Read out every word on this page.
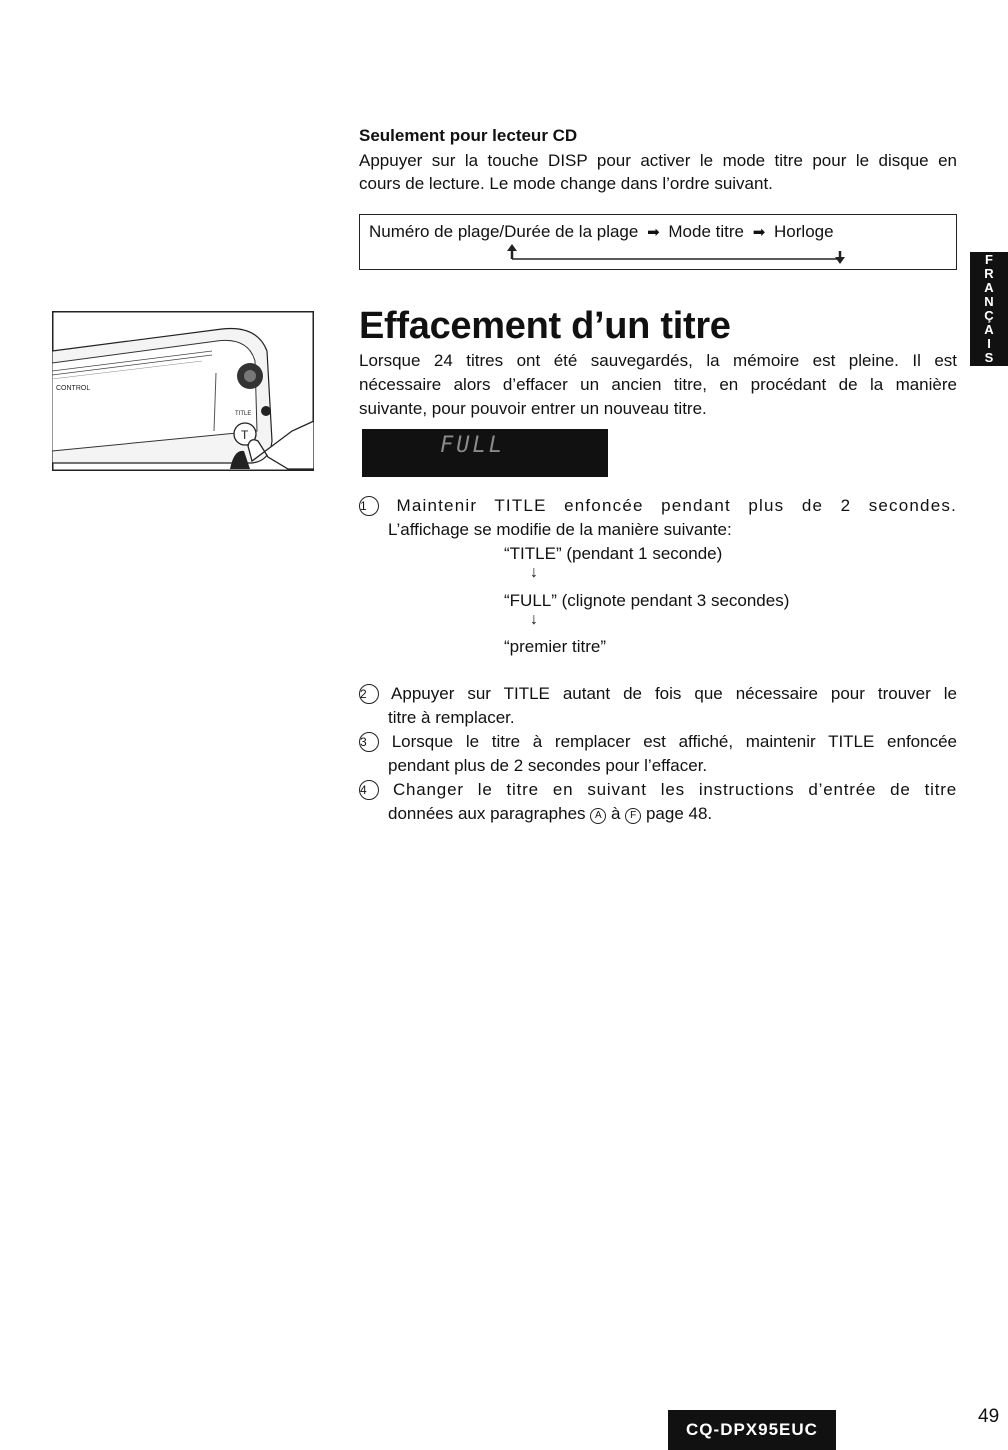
Seulement pour lecteur CD
Appuyer sur la touche DISP pour activer le mode titre pour le disque en
cours de lecture. Le mode change dans l’ordre suivant.
Numéro de plage/Durée de la plage ➡ Mode titre ➡ Horloge
F
R
A
N
Ç
A
I
S
Effacement d’un titre
Lorsque 24 titres ont été sauvegardés, la mémoire est pleine. Il est
nécessaire alors d’effacer un ancien titre, en procédant de la manière
suivante, pour pouvoir entrer un nouveau titre.
FULL
CONTROL
TITLE
T
1 Maintenir TITLE enfoncée pendant plus de 2 secondes.
L’affichage se modifie de la manière suivante:
“TITLE” (pendant 1 seconde)
↓
“FULL” (clignote pendant 3 secondes)
↓
“premier titre”
2 Appuyer sur TITLE autant de fois que nécessaire pour trouver le
titre à remplacer.
3 Lorsque le titre à remplacer est affiché, maintenir TITLE enfoncée
pendant plus de 2 secondes pour l’effacer.
4 Changer le titre en suivant les instructions d’entrée de titre
données aux paragraphes A à F page 48.
CQ-DPX95EUC
49
